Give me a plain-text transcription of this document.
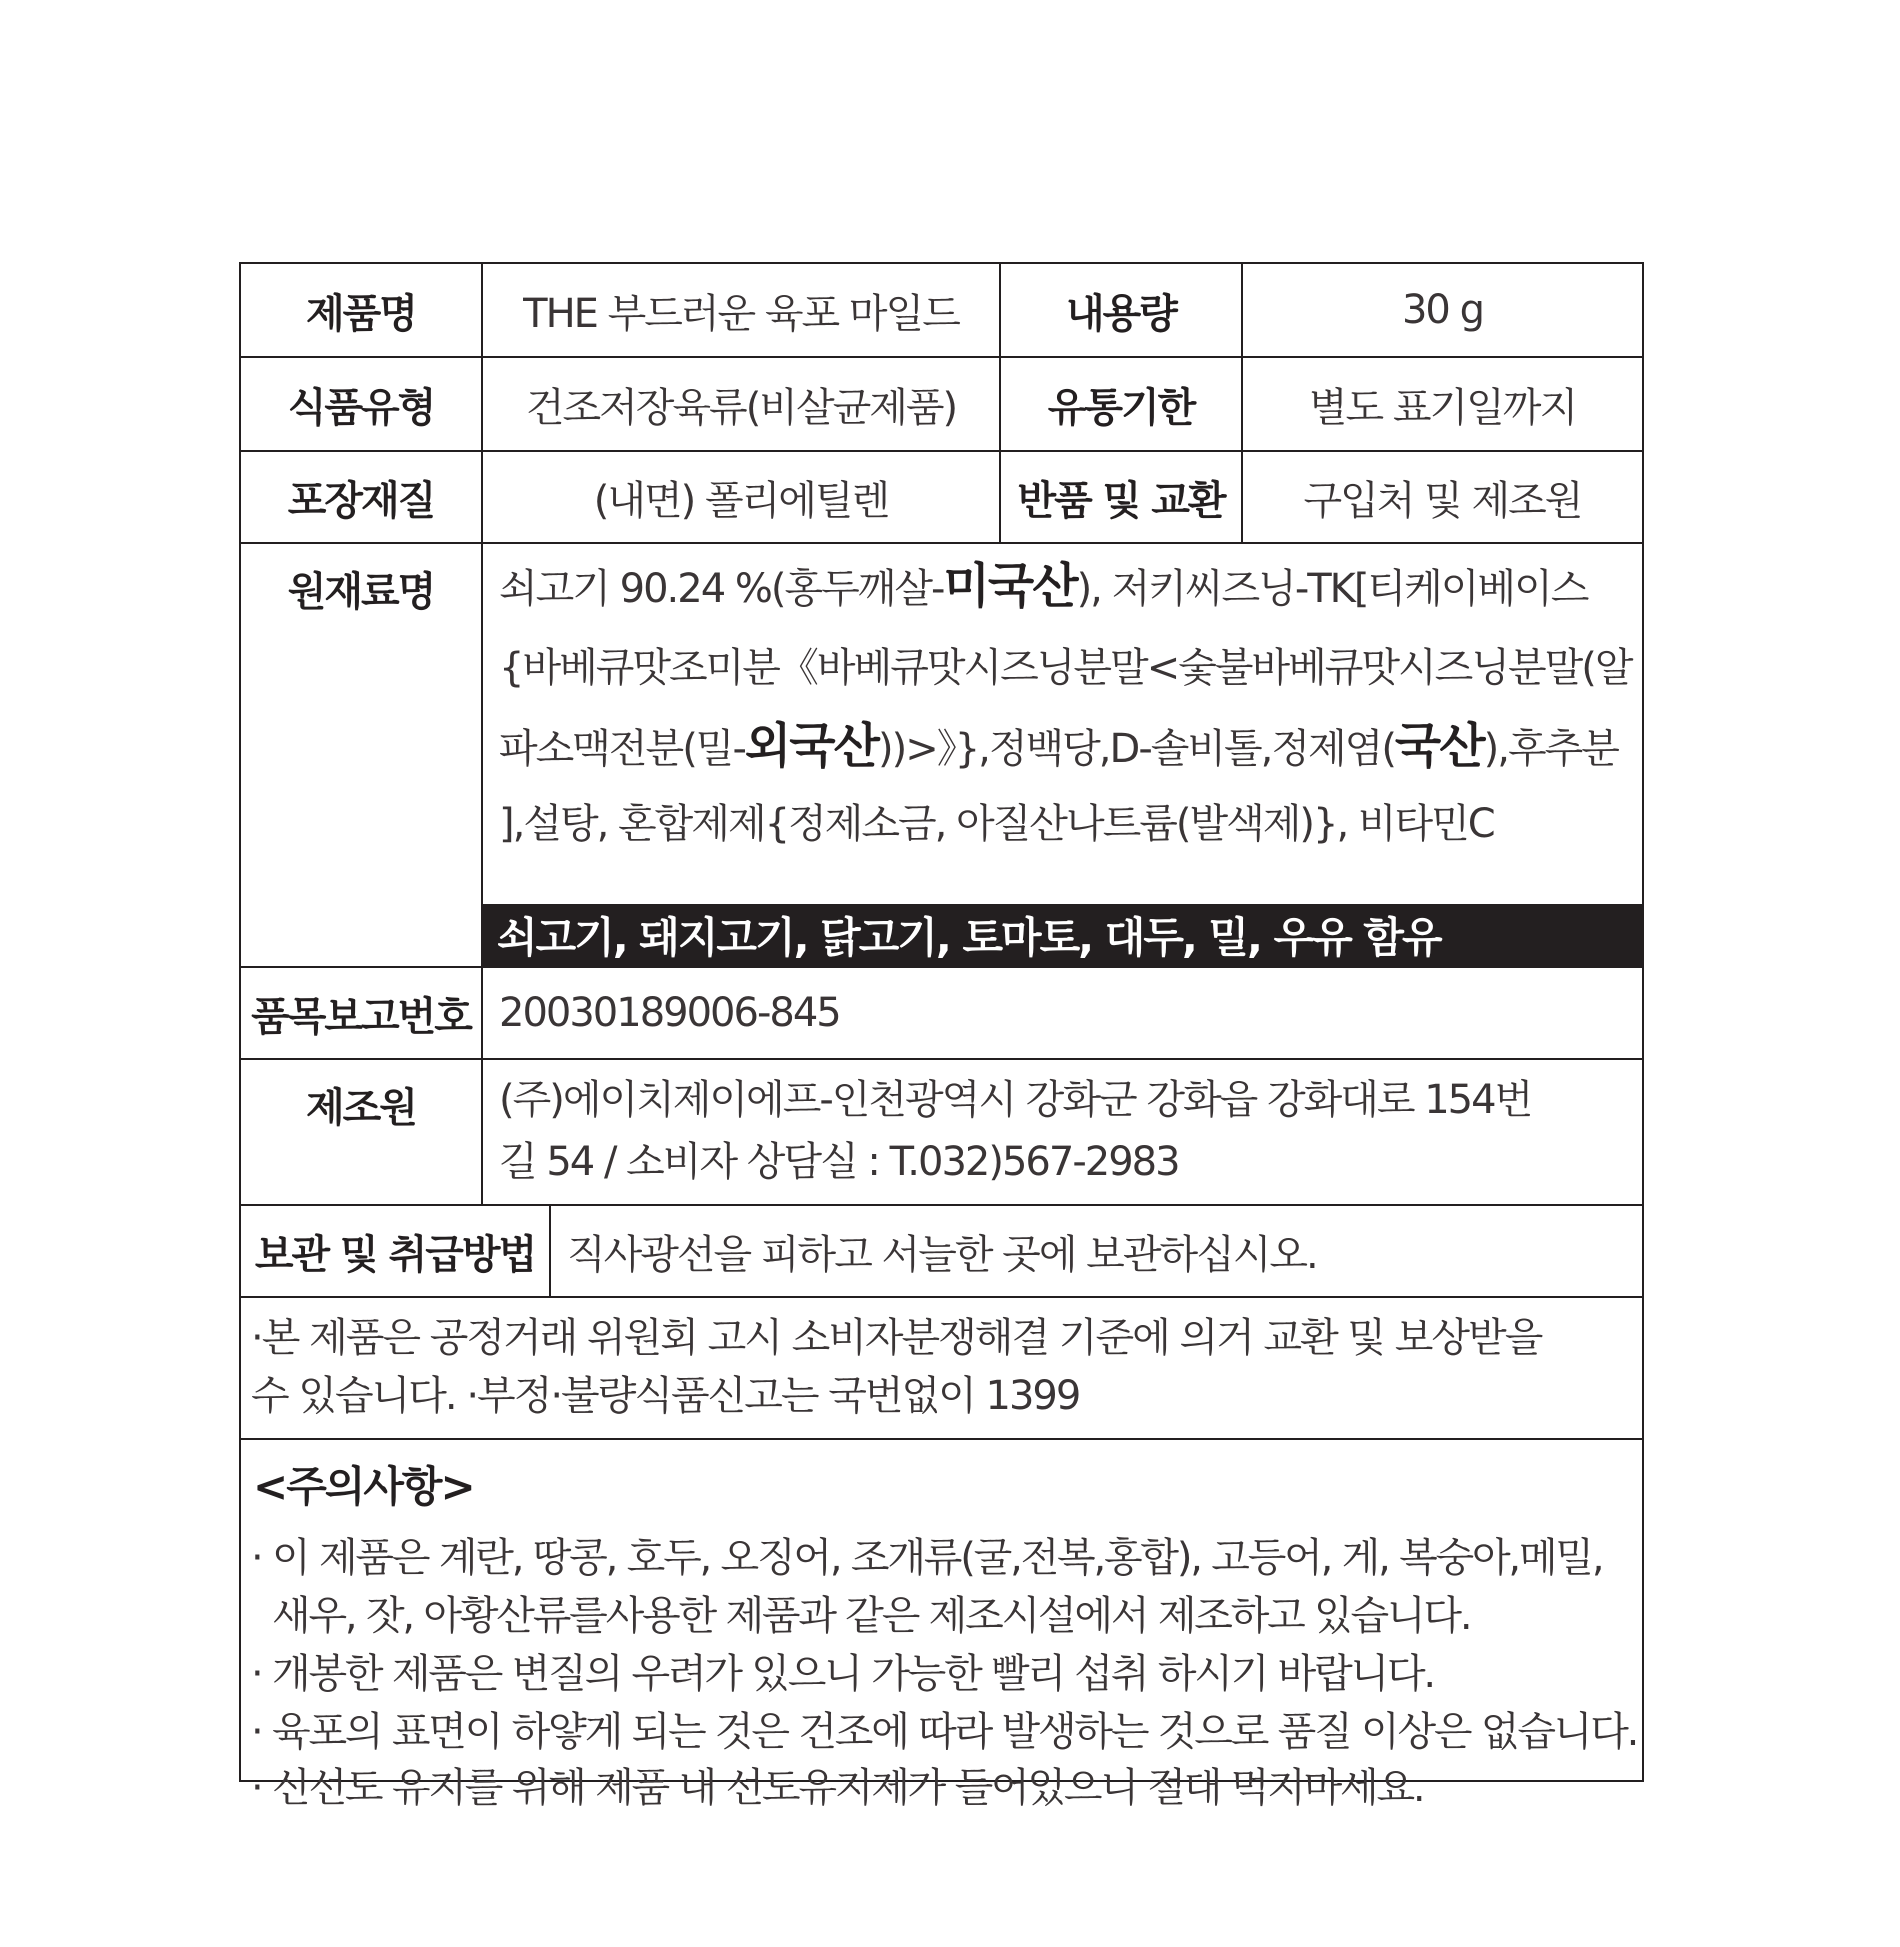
제품명	THE 부드러운 육포 마일드	내용량	30 g
식품유형	건조저장육류(비살균제품)	유통기한	별도 표기일까지
포장재질	(내면) 폴리에틸렌	반품 및 교환	구입처 및 제조원
원재료명	쇠고기 90.24 %(홍두깨살-미국산), 저키씨즈닝-TK[티케이베이스
{바베큐맛조미분《바베큐맛시즈닝분말<숯불바베큐맛시즈닝분말(알
파소맥전분(밀-외국산))>》},정백당,D-솔비톨,정제염(국산),후추분
],설탕, 혼합제제{정제소금, 아질산나트륨(발색제)}, 비타민C
쇠고기, 돼지고기, 닭고기, 토마토, 대두, 밀, 우유 함유
품목보고번호 20030189006-845
제조원	(주)에이치제이에프-인천광역시 강화군 강화읍 강화대로 154번
길 54 / 소비자 상담실 : T.032)567-2983
보관 및 취급방법 직사광선을 피하고 서늘한 곳에 보관하십시오.
·본 제품은 공정거래 위원회 고시 소비자분쟁해결 기준에 의거 교환 및 보상받을
수 있습니다. ·부정·불량식품신고는 국번없이 1399
<주의사항>
· 이 제품은 계란, 땅콩, 호두, 오징어, 조개류(굴,전복,홍합), 고등어, 게, 복숭아,메밀,
새우, 잣, 아황산류를사용한 제품과 같은 제조시설에서 제조하고 있습니다.
· 개봉한 제품은 변질의 우려가 있으니 가능한 빨리 섭취 하시기 바랍니다.
· 육포의 표면이 하얗게 되는 것은 건조에 따라 발생하는 것으로 품질 이상은 없습니다.
· 신선도 유지를 위해 제품 내 선도유지제가 들어있으니 절대 먹지마세요.
